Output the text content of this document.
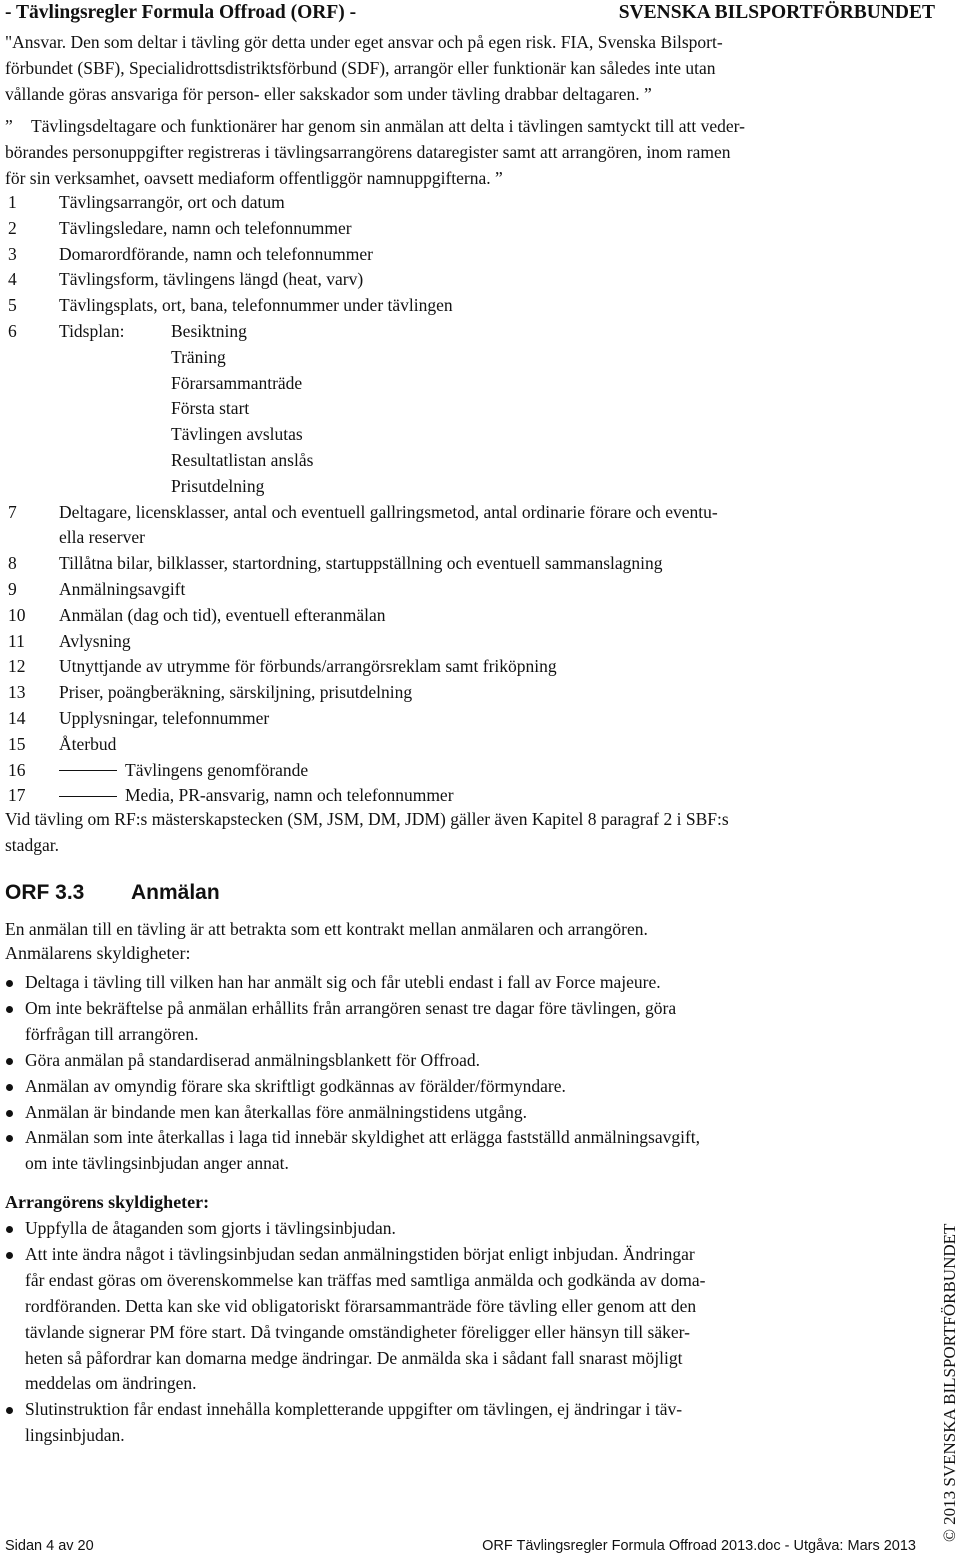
- Tävlingsregler Formula Offroad (ORF) -	SVENSKA BILSPORTFÖRBUNDET
"Ansvar. Den som deltar i tävling gör detta under eget ansvar och på egen risk. FIA, Svenska Bilsport-
förbundet (SBF), Specialidrottsdistriktsförbund (SDF), arrangör eller funktionär kan således inte utan
vållande göras ansvariga för person- eller sakskador som under tävling drabbar deltagaren. ”
” Tävlingsdeltagare och funktionärer har genom sin anmälan att delta i tävlingen samtyckt till att veder-
börandes personuppgifter registreras i tävlingsarrangörens dataregister samt att arrangören, inom ramen
för sin verksamhet, oavsett mediaform offentliggör namnuppgifterna. ”
1	Tävlingsarrangör, ort och datum
2	Tävlingsledare, namn och telefonnummer
3	Domarordförande, namn och telefonnummer
4	Tävlingsform, tävlingens längd (heat, varv)
5	Tävlingsplats, ort, bana, telefonnummer under tävlingen
6	Tidsplan:	Besiktning
Träning
Förarsammanträde
Första start
Tävlingen avslutas
Resultatlistan anslås
Prisutdelning
7	Deltagare, licensklasser, antal och eventuell gallringsmetod, antal ordinarie förare och eventu-
ella reserver
8	Tillåtna bilar, bilklasser, startordning, startuppställning och eventuell sammanslagning
9	Anmälningsavgift
10	Anmälan (dag och tid), eventuell efteranmälan
11	Avlysning
12	Utnyttjande av utrymme för förbunds/arrangörsreklam samt friköpning
13	Priser, poängberäkning, särskiljning, prisutdelning
14	Upplysningar, telefonnummer
15	Återbud
16	Tävlingens genomförande
17	Media, PR-ansvarig, namn och telefonnummer
Vid tävling om RF:s mästerskapstecken (SM, JSM, DM, JDM) gäller även Kapitel 8 paragraf 2 i SBF:s
stadgar.
ORF 3.3 Anmälan
En anmälan till en tävling är att betrakta som ett kontrakt mellan anmälaren och arrangören.
Anmälarens skyldigheter:
Deltaga i tävling till vilken han har anmält sig och får utebli endast i fall av Force majeure.
Om inte bekräftelse på anmälan erhållits från arrangören senast tre dagar före tävlingen, göra
förfrågan till arrangören.
Göra anmälan på standardiserad anmälningsblankett för Offroad.
Anmälan av omyndig förare ska skriftligt godkännas av förälder/förmyndare.
Anmälan är bindande men kan återkallas före anmälningstidens utgång.
Anmälan som inte återkallas i laga tid innebär skyldighet att erlägga fastställd anmälningsavgift,
om inte tävlingsinbjudan anger annat.
Arrangörens skyldigheter:
Uppfylla de åtaganden som gjorts i tävlingsinbjudan.
Att inte ändra något i tävlingsinbjudan sedan anmälningstiden börjat enligt inbjudan. Ändringar
får endast göras om överenskommelse kan träffas med samtliga anmälda och godkända av doma-
rordföranden. Detta kan ske vid obligatoriskt förarsammanträde före tävling eller genom att den
tävlande signerar PM före start. Då tvingande omständigheter föreligger eller hänsyn till säker-
heten så påfordrar kan domarna medge ändringar. De anmälda ska i sådant fall snarast möjligt
meddelas om ändringen.
Slutinstruktion får endast innehålla kompletterande uppgifter om tävlingen, ej ändringar i täv-
lingsinbjudan.	© 2013 SVENSKA BILSPORTFÖRBUNDET
Sidan 4 av 20	ORF Tävlingsregler Formula Offroad 2013.doc - Utgåva: Mars 2013
